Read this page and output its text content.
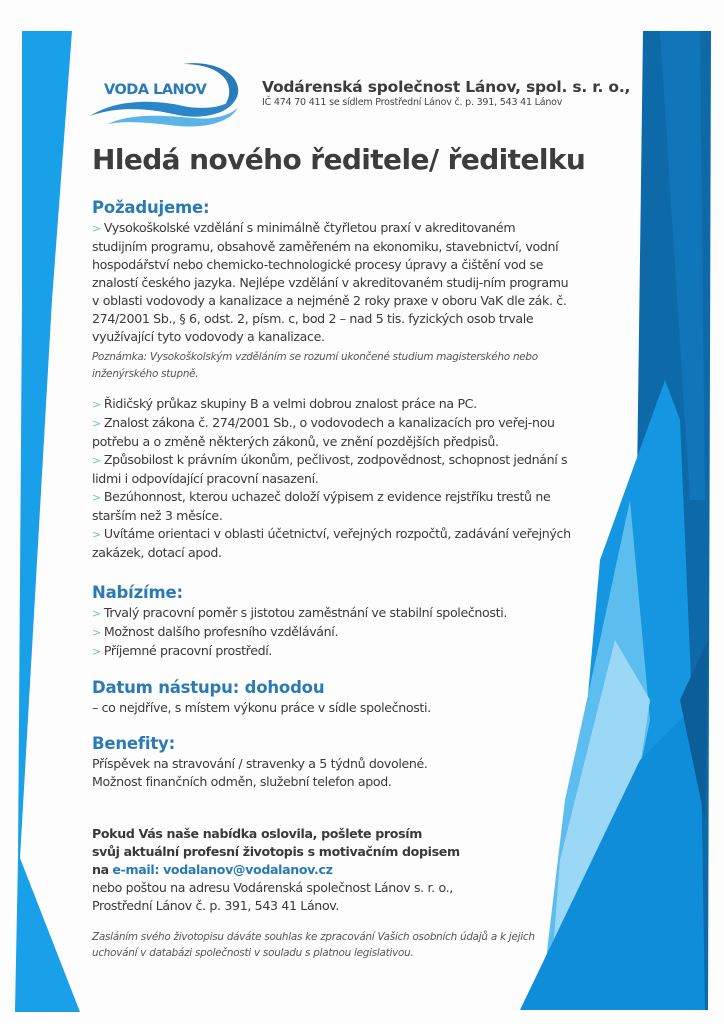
VODA LANOV	Vodárenská společnost Lánov, spol. s. r. o.,
IČ 474 70 411 se sídlem Prostřední Lánov č. p. 391, 543 41 Lánov
Hledá nového ředitele/ ředitelku
Požadujeme:

> Vysokoškolské vzdělání s minimálně čtyřletou praxí v akreditovaném studijním programu, obsahově zaměřeném na ekonomiku, stavebnictví, vodní hospodářství nebo chemicko-technologické procesy úpravy a čištění vod se znalostí českého jazyka. Nejlépe vzdělání v akreditovaném studij-ním programu v oblasti vodovody a kanalizace a nejméně 2 roky praxe v oboru VaK dle zák. č. 274/2001 Sb., § 6, odst. 2, písm. c, bod 2 – nad 5 tis. fyzických osob trvale využívající tyto vodovody a kanalizace.

Poznámka: Vysokoškolským vzděláním se rozumí ukončené studium magisterského nebo inženýrského stupně.

> Řidičský průkaz skupiny B a velmi dobrou znalost práce na PC.

> Znalost zákona č. 274/2001 Sb., o vodovodech a kanalizacích pro veřej-nou potřebu a o změně některých zákonů, ve znění pozdějších předpisů.

> Způsobilost k právním úkonům, pečlivost, zodpovědnost, schopnost jednání s lidmi i odpovídající pracovní nasazení.

> Bezúhonnost, kterou uchazeč doloží výpisem z evidence rejstříku trestů ne starším než 3 měsíce.

> Uvítáme orientaci v oblasti účetnictví, veřejných rozpočtů, zadávání veřejných zakázek, dotací apod.

Nabízíme:

> Trvalý pracovní poměr s jistotou zaměstnání ve stabilní společnosti.

> Možnost dalšího profesního vzdělávání.

> Příjemné pracovní prostředí.

Datum nástupu: dohodou

– co nejdříve, s místem výkonu práce v sídle společnosti.

Benefity:

Příspěvek na stravování / stravenky a 5 týdnů dovolené.

Možnost finančních odměn, služební telefon apod.

Pokud Vás naše nabídka oslovila, pošlete prosím

svůj aktuální profesní životopis s motivačním dopisem

na e-mail: vodalanov@vodalanov.cz

nebo poštou na adresu Vodárenská společnost Lánov s. r. o.,

Prostřední Lánov č. p. 391, 543 41 Lánov.

Zasláním svého životopisu dáváte souhlas ke zpracování Vašich osobních údajů a k jejich uchování v databázi společnosti v souladu s platnou legislativou.
